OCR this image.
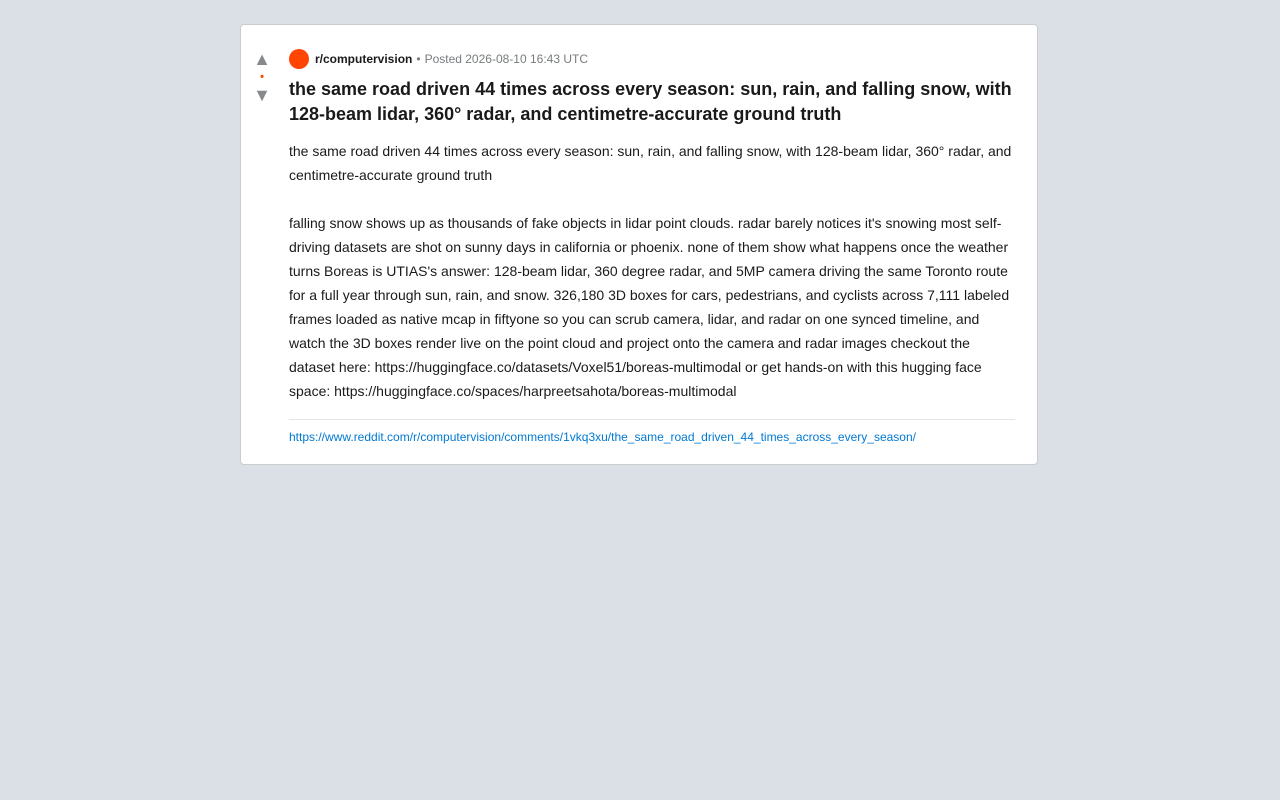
▲
•
▼
r/computervision • Posted 2026-08-10 16:43 UTC
the same road driven 44 times across every season: sun, rain, and falling snow, with 128-beam lidar, 360° radar, and centimetre-accurate ground truth

the same road driven 44 times across every season: sun, rain, and falling snow, with 128-beam lidar, 360° radar, and centimetre-accurate ground truth

falling snow shows up as thousands of fake objects in lidar point clouds. radar barely notices it's snowing most self-driving datasets are shot on sunny days in california or phoenix. none of them show what happens once the weather turns Boreas is UTIAS's answer: 128-beam lidar, 360 degree radar, and 5MP camera driving the same Toronto route for a full year through sun, rain, and snow. 326,180 3D boxes for cars, pedestrians, and cyclists across 7,111 labeled frames loaded as native mcap in fiftyone so you can scrub camera, lidar, and radar on one synced timeline, and watch the 3D boxes render live on the point cloud and project onto the camera and radar images checkout the dataset here: https://huggingface.co/datasets/Voxel51/boreas-multimodal or get hands-on with this hugging face space: https://huggingface.co/spaces/harpreetsahota/boreas-multimodal

https://www.reddit.com/r/computervision/comments/1vkq3xu/the_same_road_driven_44_times_across_every_season/
